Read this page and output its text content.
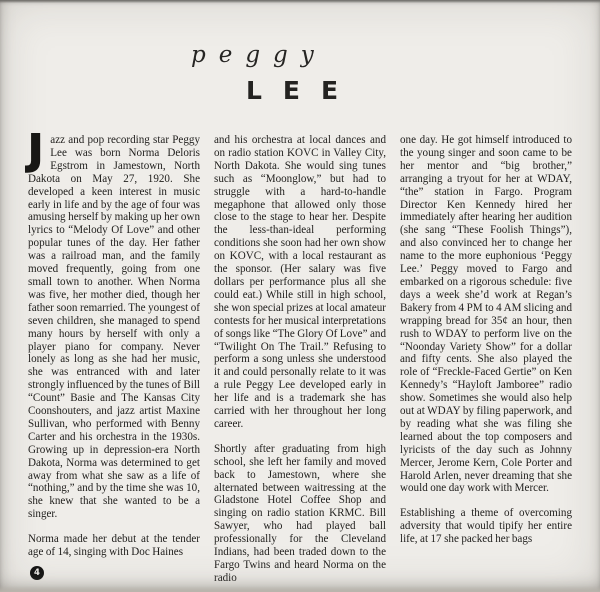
peggy
LEE

Jazz and pop recording star Peggy Lee was born Norma Deloris Egstrom in Jamestown, North Dakota on May 27, 1920. She developed a keen interest in music early in life and by the age of four was amusing herself by making up her own lyrics to “Melody Of Love” and other popular tunes of the day. Her father was a railroad man, and the family moved frequently, going from one small town to another. When Norma was five, her mother died, though her father soon remarried. The youngest of seven children, she managed to spend many hours by herself with only a player piano for company. Never lonely as long as she had her music, she was entranced with and later strongly influenced by the tunes of Bill “Count” Basie and The Kansas City Coonshouters, and jazz artist Maxine Sullivan, who performed with Benny Carter and his orchestra in the 1930s. Growing up in depression-era North Dakota, Norma was determined to get away from what she saw as a life of “nothing,” and by the time she was 10, she knew that she wanted to be a singer.

Norma made her debut at the tender age of 14, singing with Doc Haines

and his orchestra at local dances and on radio station KOVC in Valley City, North Dakota. She would sing tunes such as “Moonglow,” but had to struggle with a hard-to-handle megaphone that allowed only those close to the stage to hear her. Despite the less-than-ideal performing conditions she soon had her own show on KOVC, with a local restaurant as the sponsor. (Her salary was five dollars per performance plus all she could eat.) While still in high school, she won special prizes at local amateur contests for her musical interpretations of songs like “The Glory Of Love” and “Twilight On The Trail.” Refusing to perform a song unless she understood it and could personally relate to it was a rule Peggy Lee developed early in her life and is a trademark she has carried with her throughout her long career.

Shortly after graduating from high school, she left her family and moved back to Jamestown, where she alternated between waitressing at the Gladstone Hotel Coffee Shop and singing on radio station KRMC. Bill Sawyer, who had played ball professionally for the Cleveland Indians, had been traded down to the Fargo Twins and heard Norma on the radio

one day. He got himself introduced to the young singer and soon came to be her mentor and “big brother,” arranging a tryout for her at WDAY, “the” station in Fargo. Program Director Ken Kennedy hired her immediately after hearing her audition (she sang “These Foolish Things”), and also convinced her to change her name to the more euphonious ‘Peggy Lee.’ Peggy moved to Fargo and embarked on a rigorous schedule: five days a week she’d work at Regan’s Bakery from 4 PM to 4 AM slicing and wrapping bread for 35¢ an hour, then rush to WDAY to perform live on the “Noonday Variety Show” for a dollar and fifty cents. She also played the role of “Freckle-Faced Gertie” on Ken Kennedy’s “Hayloft Jamboree” radio show. Sometimes she would also help out at WDAY by filing paperwork, and by reading what she was filing she learned about the top composers and lyricists of the day such as Johnny Mercer, Jerome Kern, Cole Porter and Harold Arlen, never dreaming that she would one day work with Mercer.

Establishing a theme of overcoming adversity that would tipify her entire life, at 17 she packed her bags

4
